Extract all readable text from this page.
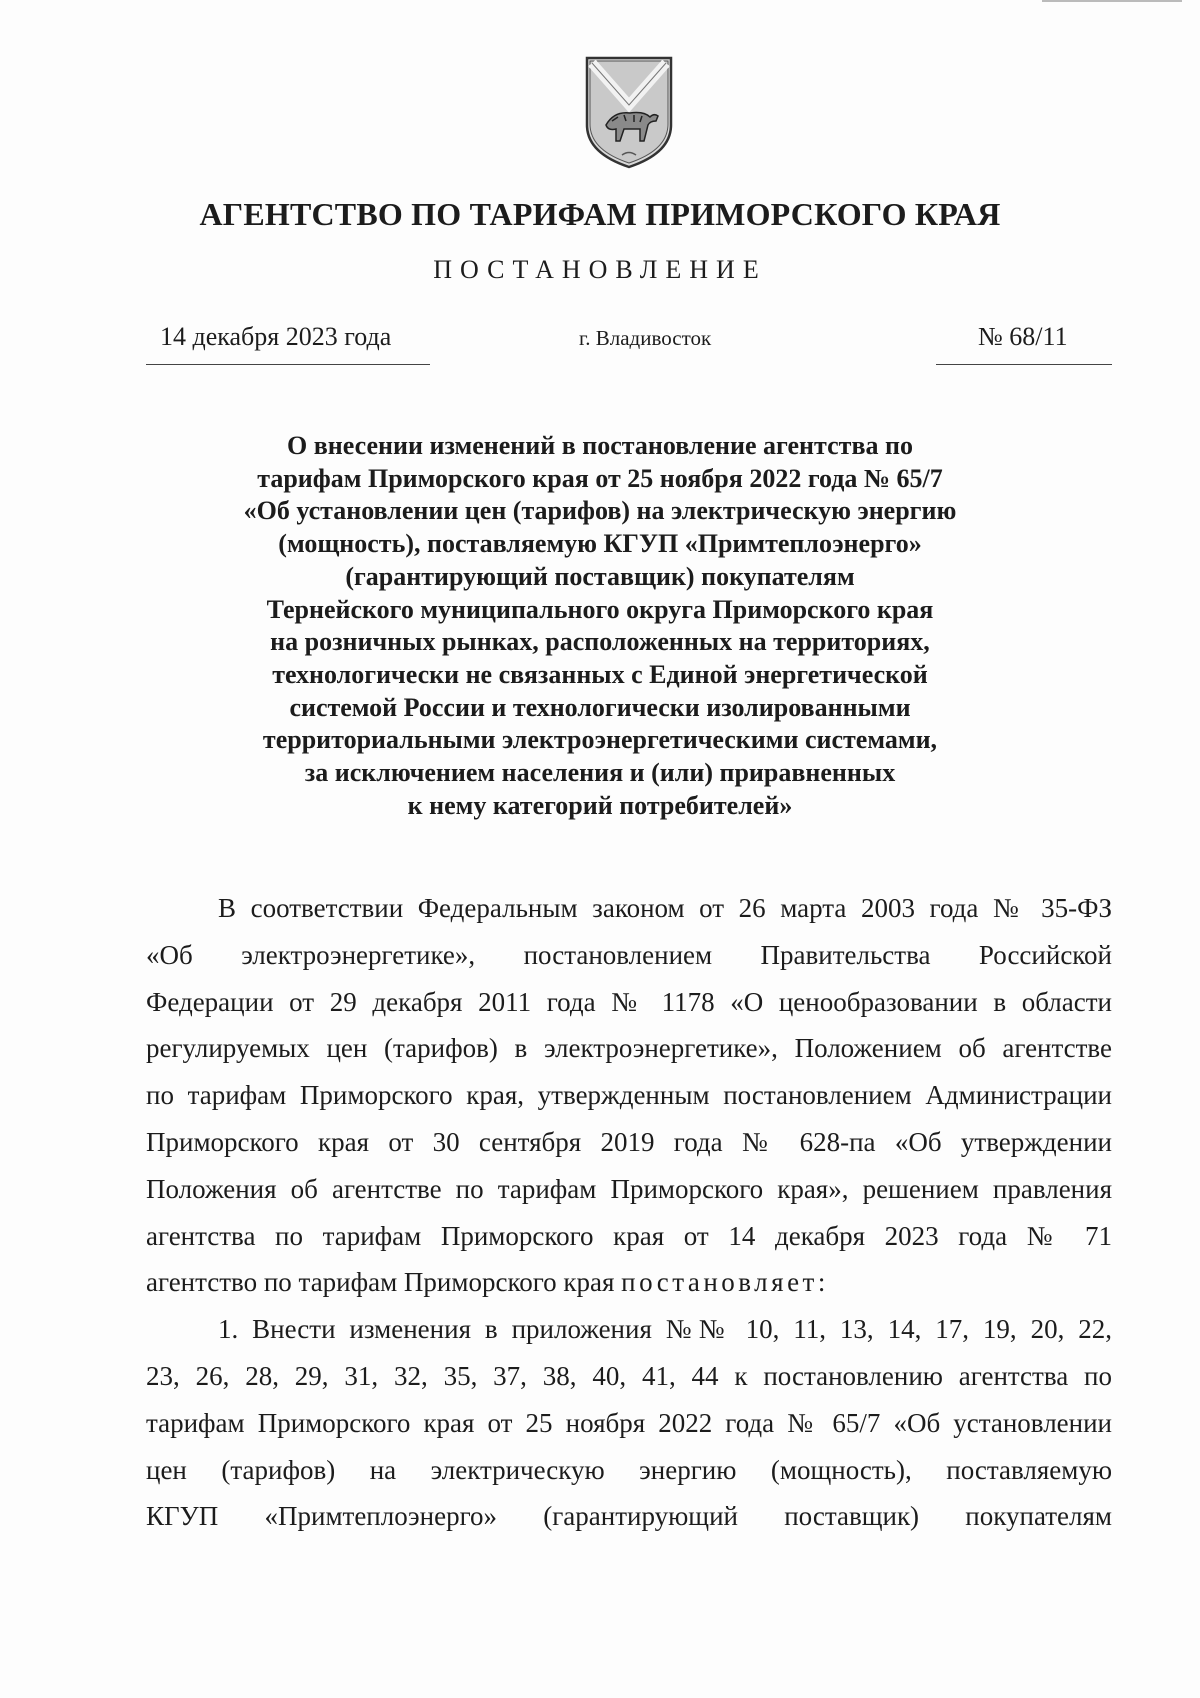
АГЕНТСТВО ПО ТАРИФАМ ПРИМОРСКОГО КРАЯ
ПОСТАНОВЛЕНИЕ
14 декабря 2023 года	г. Владивосток	№ 68/11
О внесении изменений в постановление агентства по
тарифам Приморского края от 25 ноября 2022 года № 65/7
«Об установлении цен (тарифов) на электрическую энергию
(мощность), поставляемую КГУП «Примтеплоэнерго»
(гарантирующий поставщик) покупателям
Тернейского муниципального округа Приморского края
на розничных рынках, расположенных на территориях,
технологически не связанных с Единой энергетической
системой России и технологически изолированными
территориальными электроэнергетическими системами,
за исключением населения и (или) приравненных
к нему категорий потребителей»
В соответствии Федеральным законом от 26 марта 2003 года № 35-ФЗ
«Об электроэнергетике», постановлением Правительства Российской
Федерации от 29 декабря 2011 года № 1178 «О ценообразовании в области
регулируемых цен (тарифов) в электроэнергетике», Положением об агентстве
по тарифам Приморского края, утвержденным постановлением Администрации
Приморского края от 30 сентября 2019 года № 628-па «Об утверждении
Положения об агентстве по тарифам Приморского края», решением правления
агентства по тарифам Приморского края от 14 декабря 2023 года № 71
агентство по тарифам Приморского края постановляет:
1. Внести изменения в приложения №№ 10, 11, 13, 14, 17, 19, 20, 22,
23, 26, 28, 29, 31, 32, 35, 37, 38, 40, 41, 44 к постановлению агентства по
тарифам Приморского края от 25 ноября 2022 года № 65/7 «Об установлении
цен (тарифов) на электрическую энергию (мощность), поставляемую
КГУП «Примтеплоэнерго» (гарантирующий поставщик) покупателям
